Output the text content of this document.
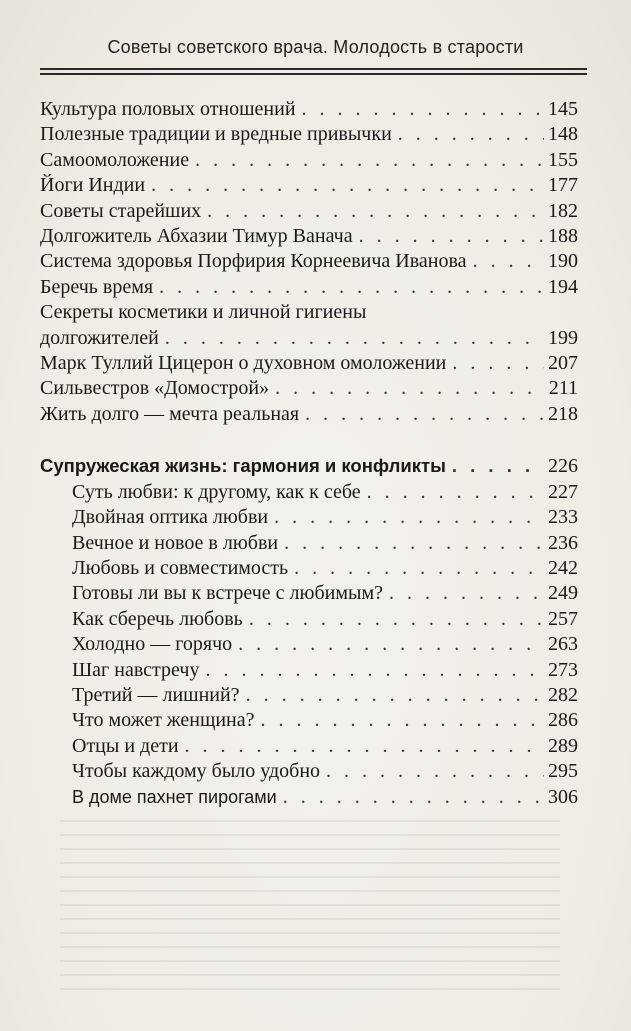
Советы советского врача. Молодость в старости
Культура половых отношений . . .	145
Полезные традиции и вредные привычки . . .	148
Самоомоложение . . .	155
Йоги Индии . . .	177
Советы старейших . . .	182
Долгожитель Абхазии Тимур Ванача . . .	188
Система здоровья Порфирия Корнеевича Иванова . . .	190
Беречь время . . .	194
Секреты косметики и личной гигиены
долгожителей . . .	199
Марк Туллий Цицерон о духовном омоложении . . .	207
Сильвестров «Домострой» . . .	211
Жить долго — мечта реальная . . .	218
Супружеская жизнь: гармония и конфликты . . .	226
Суть любви: к другому, как к себе . . .	227
Двойная оптика любви . . .	233
Вечное и новое в любви . . .	236
Любовь и совместимость . . .	242
Готовы ли вы к встрече с любимым? . . .	249
Как сберечь любовь . . .	257
Холодно — горячо . . .	263
Шаг навстречу . . .	273
Третий — лишний? . . .	282
Что может женщина? . . .	286
Отцы и дети . . .	289
Чтобы каждому было удобно . . .	295
В доме пахнет пирогами . . .	306
